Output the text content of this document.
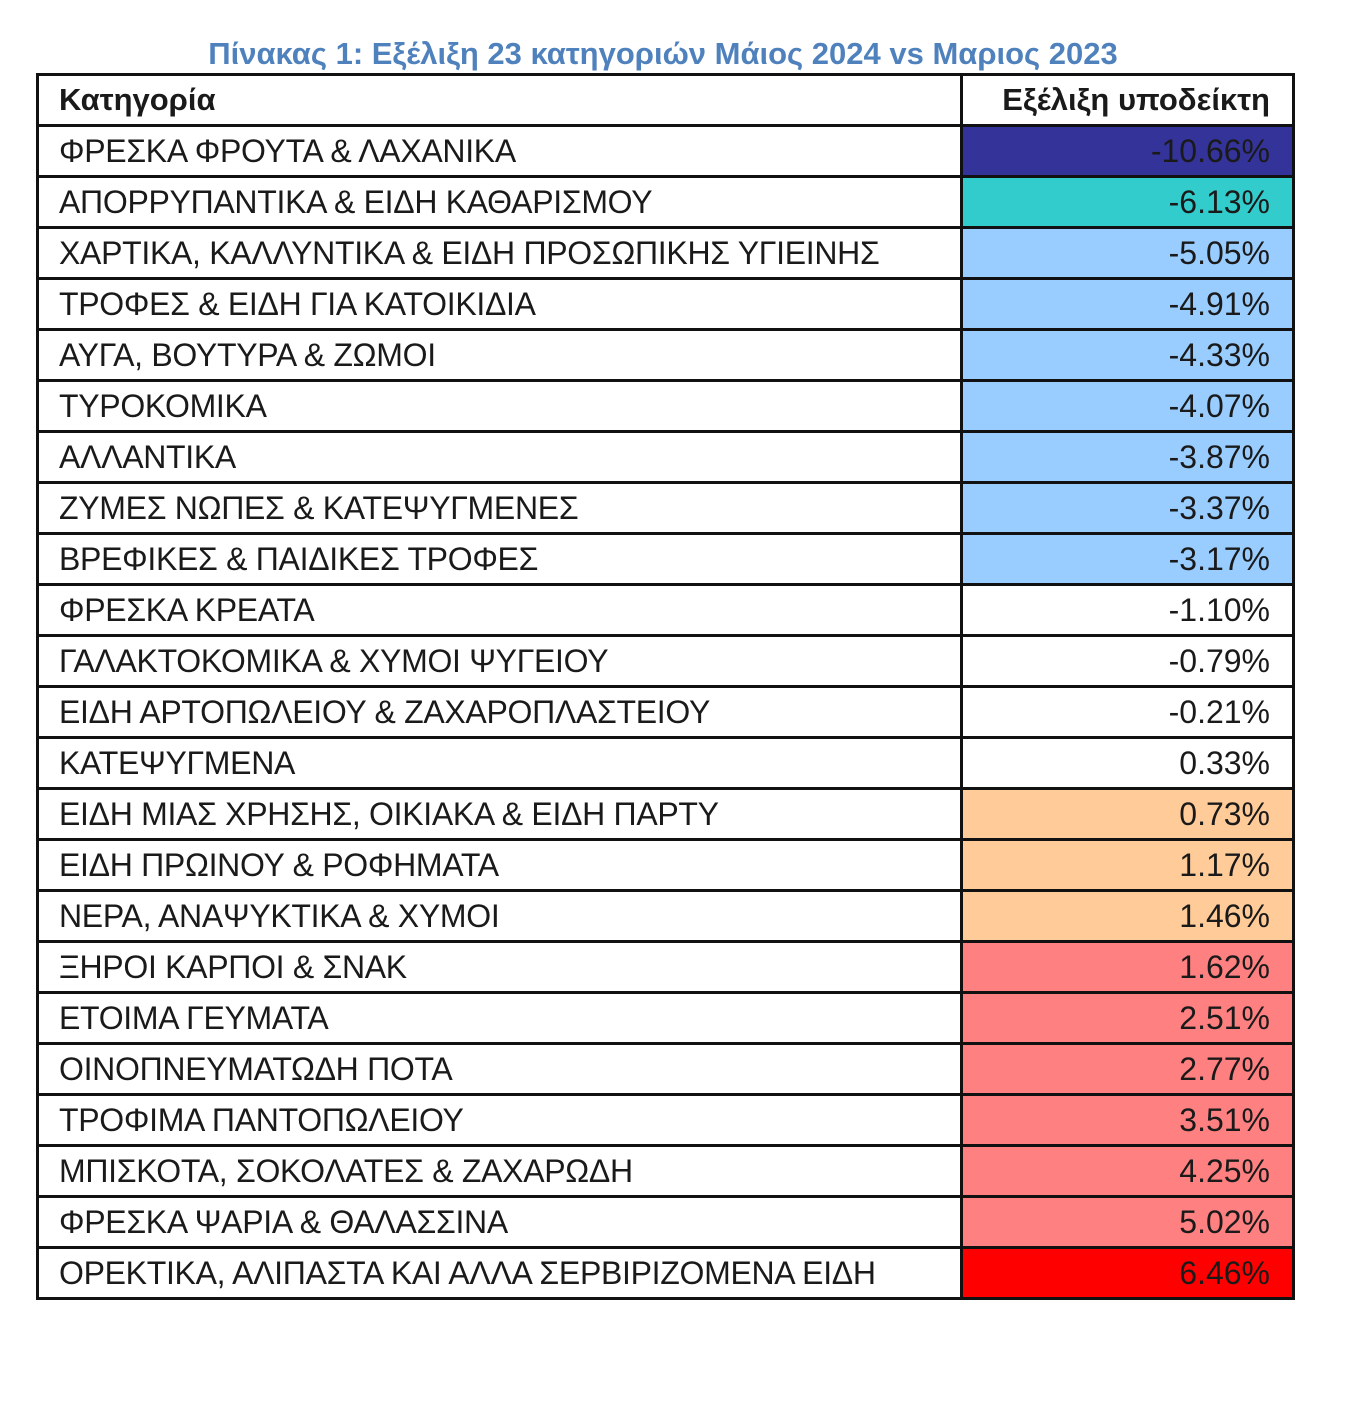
Πίνακας 1: Εξέλιξη 23 κατηγοριών Μάιος 2024 vs Μαριος 2023
Κατηγορία	Εξέλιξη υποδείκτη
ΦΡΕΣΚΑ ΦΡΟΥΤΑ & ΛΑΧΑΝΙΚΑ	-10.66%
ΑΠΟΡΡΥΠΑΝΤΙΚΑ & ΕΙΔΗ ΚΑΘΑΡΙΣΜΟΥ	-6.13%
ΧΑΡΤΙΚΑ, ΚΑΛΛΥΝΤΙΚΑ & ΕΙΔΗ ΠΡΟΣΩΠΙΚΗΣ ΥΓΙΕΙΝΗΣ	-5.05%
ΤΡΟΦΕΣ & ΕΙΔΗ ΓΙΑ ΚΑΤΟΙΚΙΔΙΑ	-4.91%
ΑΥΓΑ, ΒΟΥΤΥΡΑ & ΖΩΜΟΙ	-4.33%
ΤΥΡΟΚΟΜΙΚΑ	-4.07%
ΑΛΛΑΝΤΙΚΑ	-3.87%
ΖΥΜΕΣ ΝΩΠΕΣ & ΚΑΤΕΨΥΓΜΕΝΕΣ	-3.37%
ΒΡΕΦΙΚΕΣ & ΠΑΙΔΙΚΕΣ ΤΡΟΦΕΣ	-3.17%
ΦΡΕΣΚΑ ΚΡΕΑΤΑ	-1.10%
ΓΑΛΑΚΤΟΚΟΜΙΚΑ & ΧΥΜΟΙ ΨΥΓΕΙΟΥ	-0.79%
ΕΙΔΗ ΑΡΤΟΠΩΛΕΙΟΥ & ΖΑΧΑΡΟΠΛΑΣΤΕΙΟΥ	-0.21%
ΚΑΤΕΨΥΓΜΕΝΑ	0.33%
ΕΙΔΗ ΜΙΑΣ ΧΡΗΣΗΣ, ΟΙΚΙΑΚΑ & ΕΙΔΗ ΠΑΡΤΥ	0.73%
ΕΙΔΗ ΠΡΩΙΝΟΥ & ΡΟΦΗΜΑΤΑ	1.17%
ΝΕΡΑ, ΑΝΑΨΥΚΤΙΚΑ & ΧΥΜΟΙ	1.46%
ΞΗΡΟΙ ΚΑΡΠΟΙ & ΣΝΑΚ	1.62%
ΕΤΟΙΜΑ ΓΕΥΜΑΤΑ	2.51%
ΟΙΝΟΠΝΕΥΜΑΤΩΔΗ ΠΟΤΑ	2.77%
ΤΡΟΦΙΜΑ ΠΑΝΤΟΠΩΛΕΙΟΥ	3.51%
ΜΠΙΣΚΟΤΑ, ΣΟΚΟΛΑΤΕΣ & ΖΑΧΑΡΩΔΗ	4.25%
ΦΡΕΣΚΑ ΨΑΡΙΑ & ΘΑΛΑΣΣΙΝΑ	5.02%
ΟΡΕΚΤΙΚΑ, ΑΛΙΠΑΣΤΑ ΚΑΙ ΑΛΛΑ ΣΕΡΒΙΡΙΖΟΜΕΝΑ ΕΙΔΗ	6.46%
